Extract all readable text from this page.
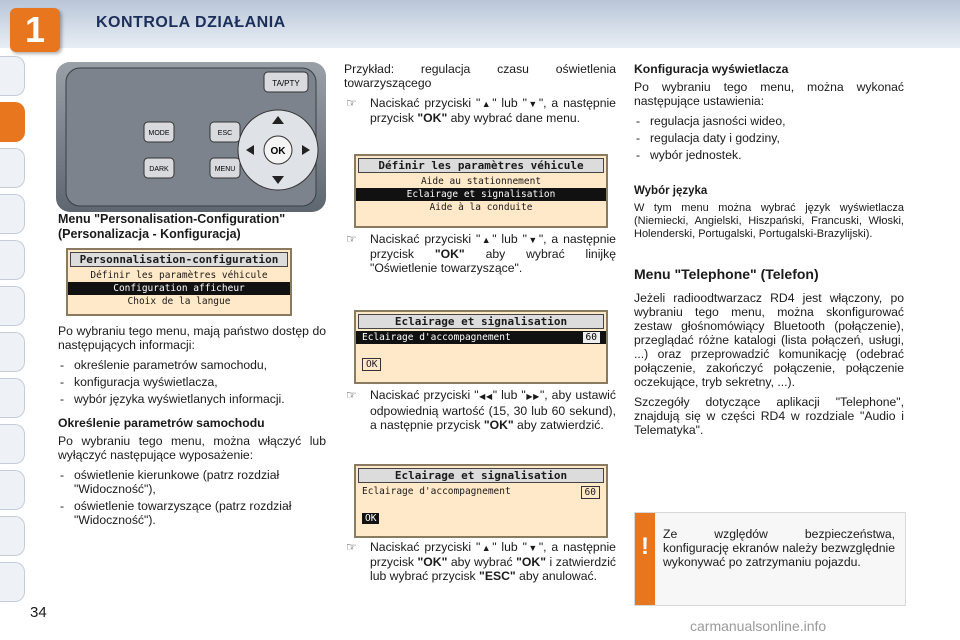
1	KONTROLA DZIAŁANIA
TA/PTY
MODE
DARK
ESC
MENU
OK
Menu "Personalisation-Configuration" (Personalizacja - Konfiguracja)
Personnalisation-configuration
Définir les paramètres véhicule
Configuration afficheur
Choix de la langue

Po wybraniu tego menu, mają państwo dostęp do następujących informacji:

- określenie parametrów samochodu,
- konfiguracja wyświetlacza,
- wybór języka wyświetlanych informacji.
Określenie parametrów samochodu

Po wybraniu tego menu, można włączyć lub wyłączyć następujące wyposażenie:

- oświetlenie kierunkowe (patrz rozdział "Widoczność"),
- oświetlenie towarzyszące (patrz rozdział "Widoczność").

Przykład: regulacja czasu oświetlenia towarzyszącego

☞ Naciskać przyciski "▲" lub "▼", a następnie przycisk "OK" aby wybrać dane menu.
Définir les paramètres véhicule
Aide au stationnement
Eclairage et signalisation
Aide à la conduite
☞ Naciskać przyciski "▲" lub "▼", a następnie przycisk "OK" aby wybrać linijkę "Oświetlenie towarzyszące".
Eclairage et signalisation
Eclairage d'accompagnement	60
OK
☞ Naciskać przyciski "◀◀" lub "▶▶", aby ustawić odpowiednią wartość (15, 30 lub 60 sekund), a następnie przycisk "OK" aby zatwierdzić.
Eclairage et signalisation
Eclairage d'accompagnement	60
OK
☞ Naciskać przyciski "▲" lub "▼", a następnie przycisk "OK" aby wybrać "OK" i zatwierdzić lub wybrać przycisk "ESC" aby anulować.
Konfiguracja wyświetlacza

Po wybraniu tego menu, można wykonać następujące ustawienia:

- regulacja jasności wideo,
- regulacja daty i godziny,
- wybór jednostek.
Wybór języka

W tym menu można wybrać język wyświetlacza (Niemiecki, Angielski, Hiszpański, Francuski, Włoski, Holenderski, Portugalski, Portugalski-Brazylijski).

Menu "Telephone" (Telefon)

Jeżeli radioodtwarzacz RD4 jest włączony, po wybraniu tego menu, można skonfigurować zestaw głośnomówiący Bluetooth (połączenie), przeglądać różne katalogi (lista połączeń, usługi, ...) oraz przeprowadzić komunikację (odebrać połączenie, zakończyć połączenie, połączenie oczekujące, tryb sekretny, ...).

Szczegóły dotyczące aplikacji "Telephone", znajdują się w części RD4 w rozdziale "Audio i Telematyka".

!	Ze względów bezpieczeństwa, konfigurację ekranów należy bezwzględnie wykonywać po zatrzymaniu pojazdu.
34
carmanualsonline.info
